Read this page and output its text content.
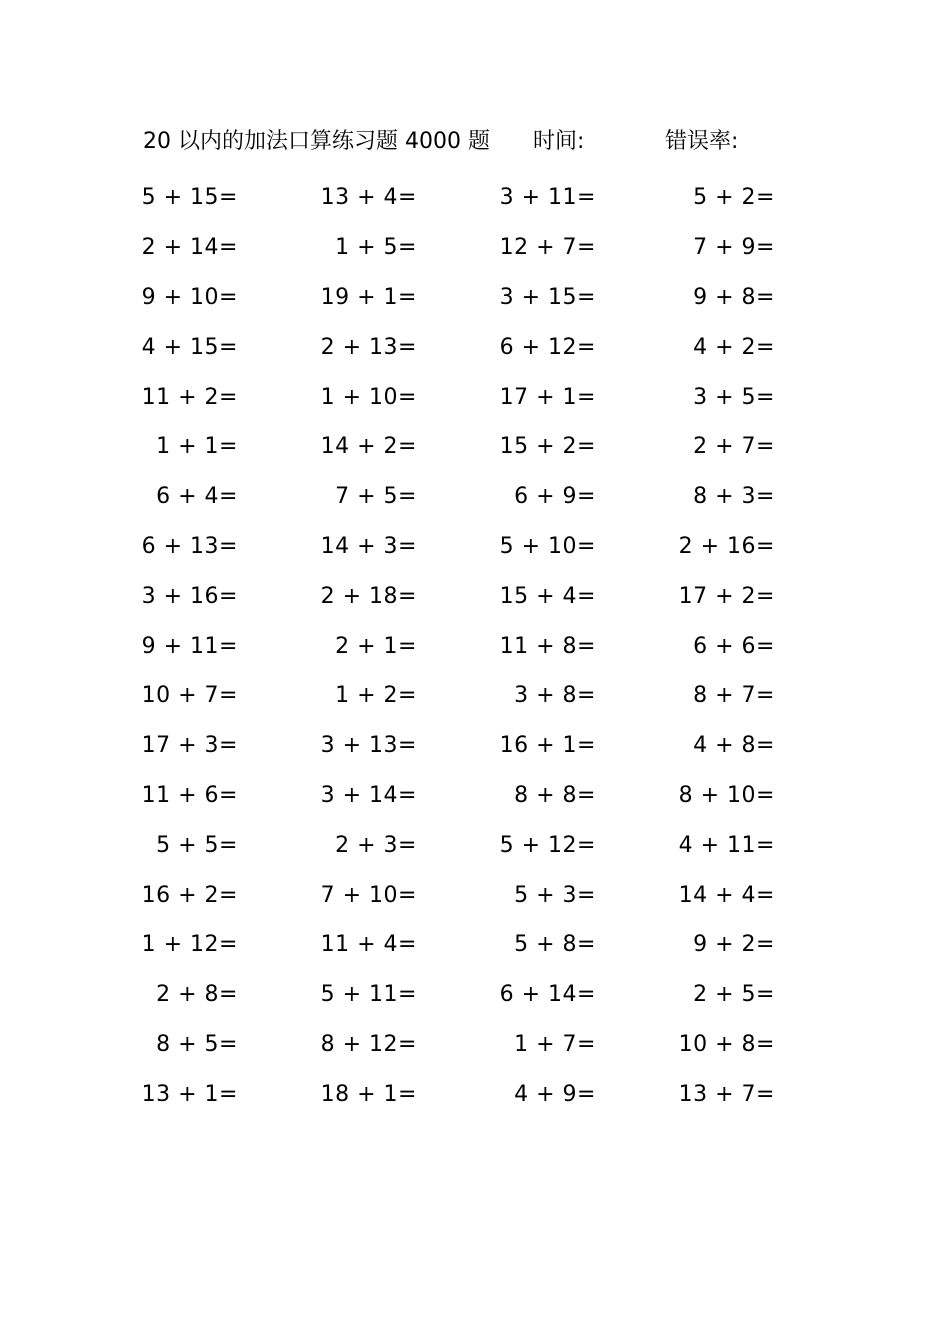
20 以内的加法口算练习题 4000 题 时间:	错误率:
5 + 15=	13 + 4=	3 + 11=	5 + 2=
2 + 14=	1 + 5=	12 + 7=	7 + 9=
9 + 10=	19 + 1=	3 + 15=	9 + 8=
4 + 15=	2 + 13=	6 + 12=	4 + 2=
11 + 2=	1 + 10=	17 + 1=	3 + 5=
1 + 1=	14 + 2=	15 + 2=	2 + 7=
6 + 4=	7 + 5=	6 + 9=	8 + 3=
6 + 13=	14 + 3=	5 + 10=	2 + 16=
3 + 16=	2 + 18=	15 + 4=	17 + 2=
9 + 11=	2 + 1=	11 + 8=	6 + 6=
10 + 7=	1 + 2=	3 + 8=	8 + 7=
17 + 3=	3 + 13=	16 + 1=	4 + 8=
11 + 6=	3 + 14=	8 + 8=	8 + 10=
5 + 5=	2 + 3=	5 + 12=	4 + 11=
16 + 2=	7 + 10=	5 + 3=	14 + 4=
1 + 12=	11 + 4=	5 + 8=	9 + 2=
2 + 8=	5 + 11=	6 + 14=	2 + 5=
8 + 5=	8 + 12=	1 + 7=	10 + 8=
13 + 1=	18 + 1=	4 + 9=	13 + 7=
